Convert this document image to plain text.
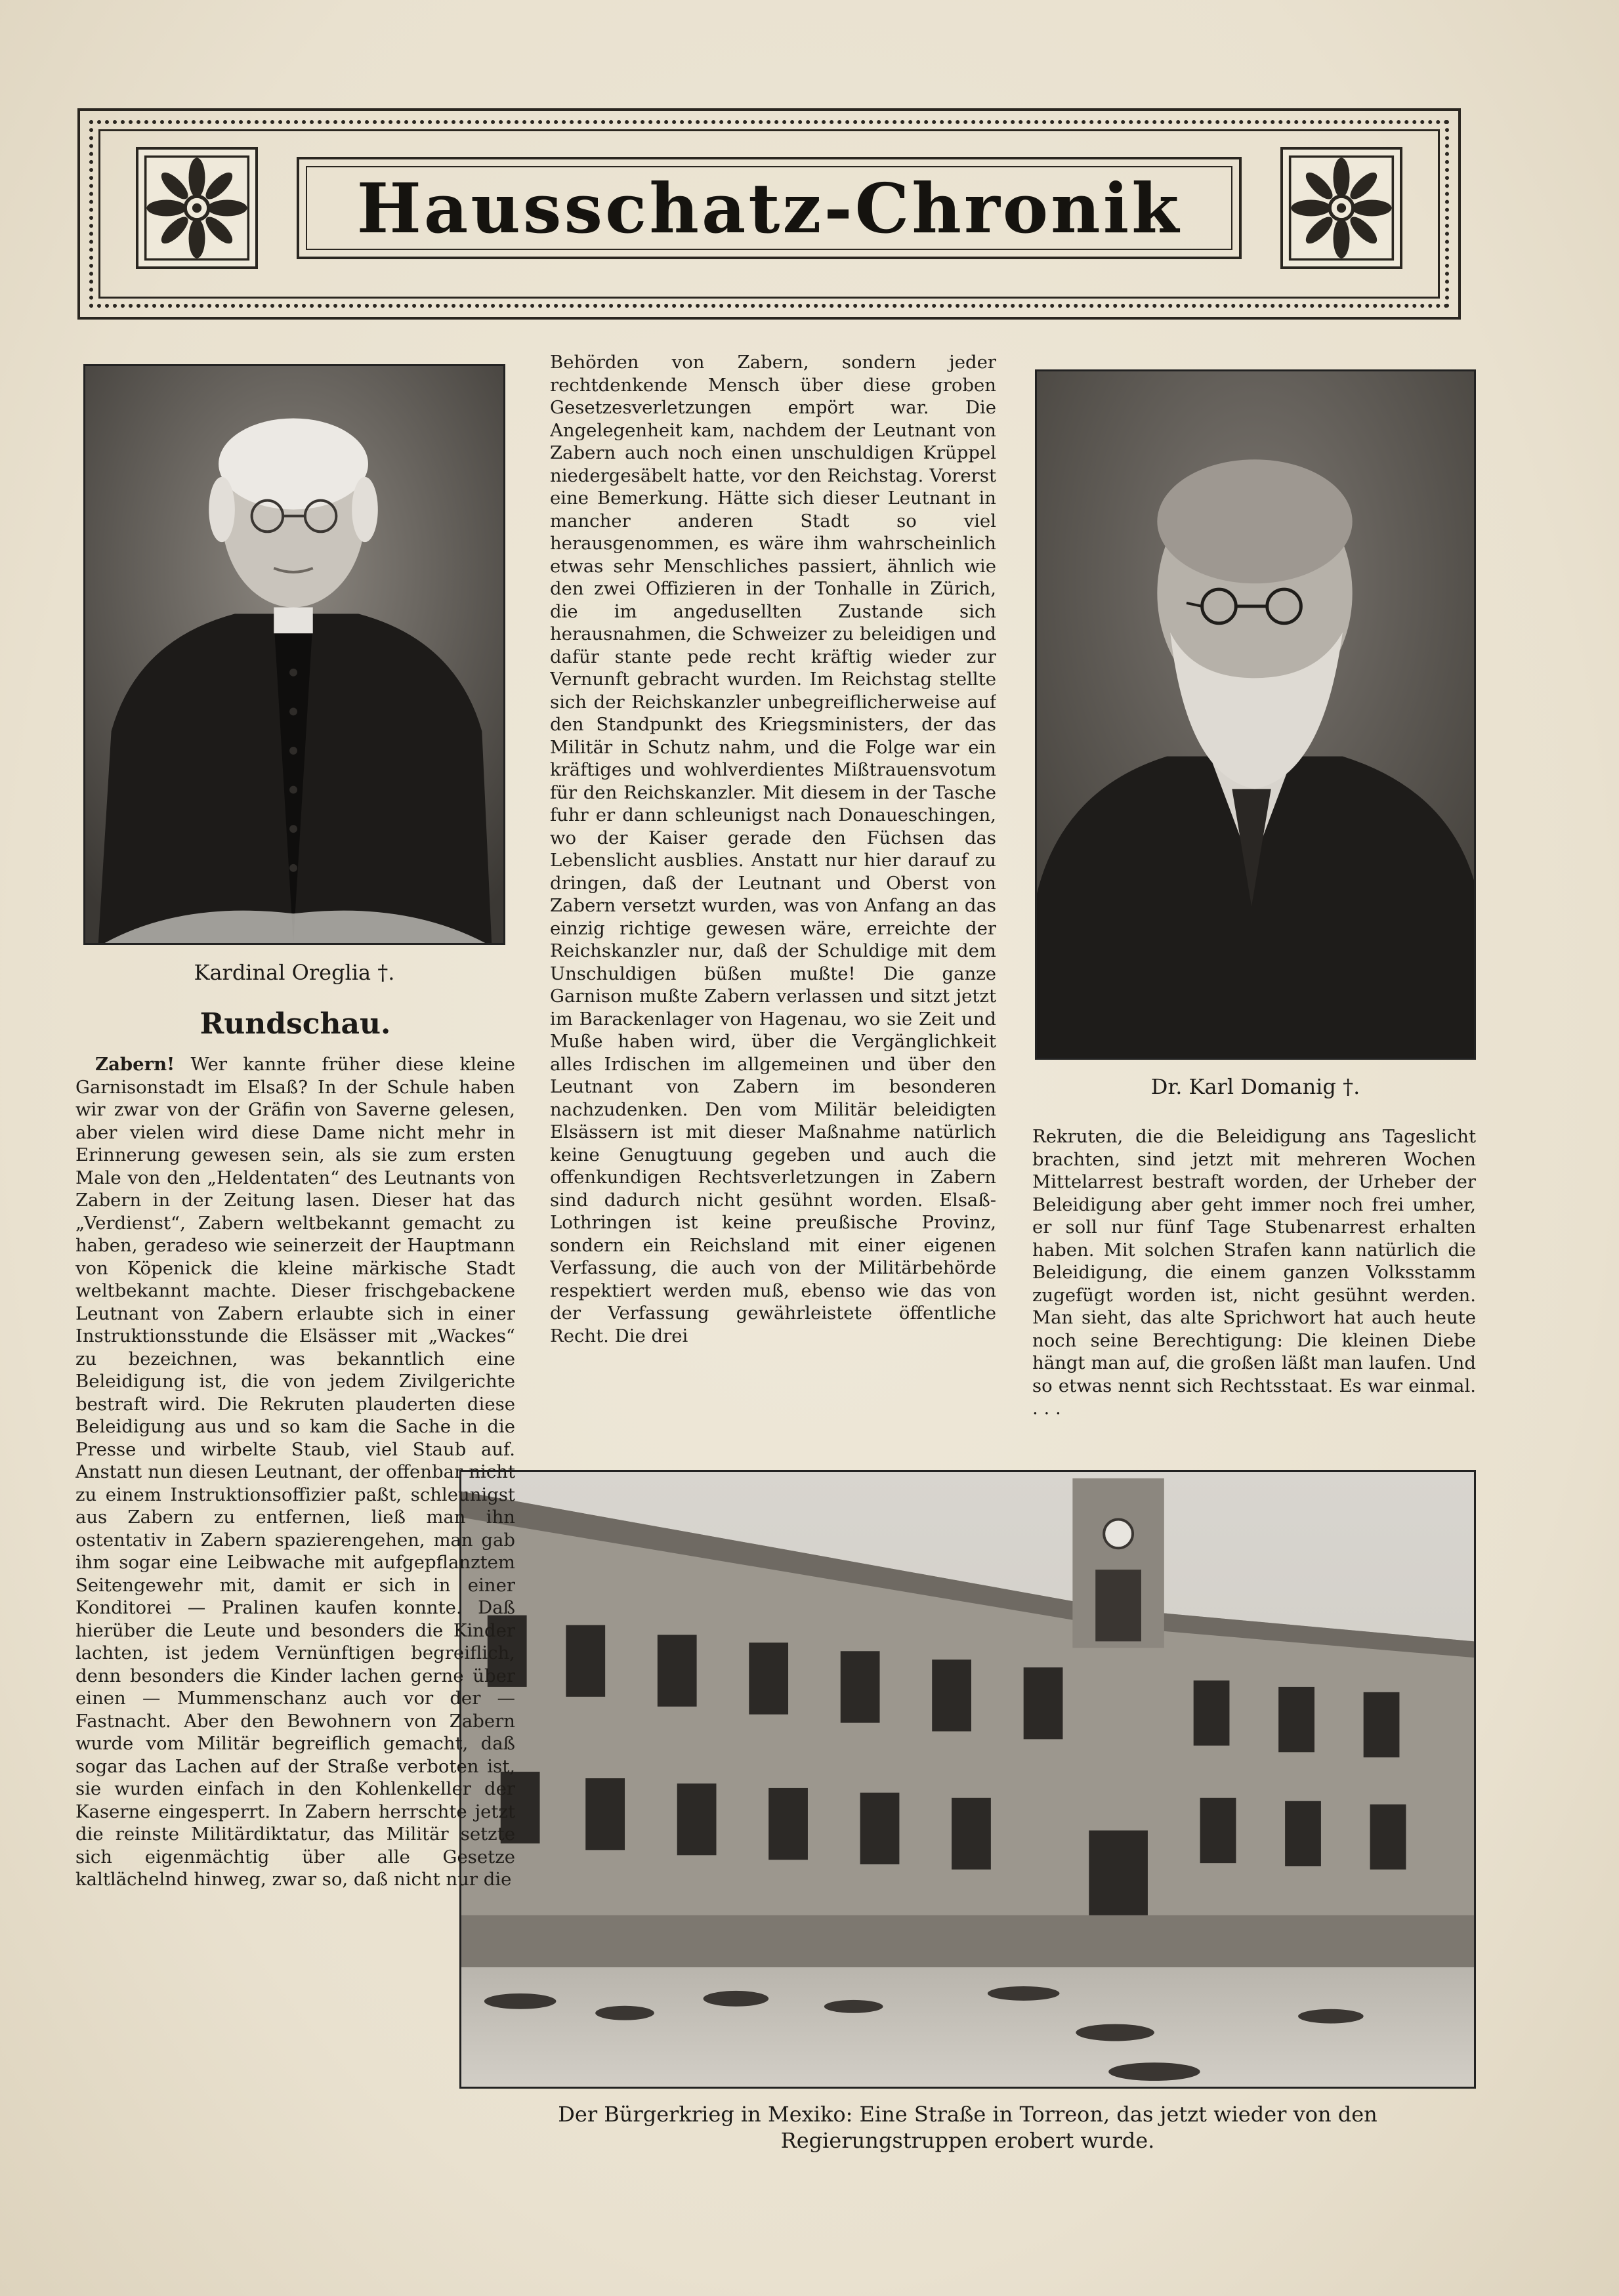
Hausschatz-Chronik
Kardinal Oreglia †.
Dr. Karl Domanig †.
Der Bürgerkrieg in Mexiko: Eine Straße in Torreon, das jetzt wieder von den Regierungstruppen erobert wurde.
Rundschau.

Zabern! Wer kannte früher diese kleine Garnisonstadt im Elsaß? In der Schule haben wir zwar von der Gräfin von Saverne gelesen, aber vielen wird diese Dame nicht mehr in Erinnerung gewesen sein, als sie zum ersten Male von den „Heldentaten“ des Leutnants von Zabern in der Zeitung lasen. Dieser hat das „Verdienst“, Zabern weltbekannt gemacht zu haben, geradeso wie seinerzeit der Hauptmann von Köpenick die kleine märkische Stadt weltbekannt machte. Dieser frischgebackene Leutnant von Zabern erlaubte sich in einer Instruktionsstunde die Elsässer mit „Wackes“ zu bezeichnen, was bekanntlich eine Beleidigung ist, die von jedem Zivilgerichte bestraft wird. Die Rekruten plauderten diese Beleidigung aus und so kam die Sache in die Presse und wirbelte Staub, viel Staub auf. Anstatt nun diesen Leutnant, der offenbar nicht zu einem Instruktionsoffizier paßt, schleunigst aus Zabern zu entfernen, ließ man ihn ostentativ in Zabern spazierengehen, man gab ihm sogar eine Leibwache mit aufgepflanztem Seitengewehr mit, damit er sich in einer Konditorei — Pralinen kaufen konnte. Daß hierüber die Leute und besonders die Kinder lachten, ist jedem Vernünftigen begreiflich, denn besonders die Kinder lachen gerne über einen — Mummenschanz auch vor der — Fastnacht. Aber den Bewohnern von Zabern wurde vom Militär begreiflich gemacht, daß sogar das Lachen auf der Straße verboten ist, sie wurden einfach in den Kohlenkeller der Kaserne eingesperrt. In Zabern herrschte jetzt die reinste Militärdiktatur, das Militär setzte sich eigenmächtig über alle Gesetze kaltlächelnd hinweg, zwar so, daß nicht nur die

Behörden von Zabern, sondern jeder rechtdenkende Mensch über diese groben Gesetzesverletzungen empört war. Die Angelegenheit kam, nachdem der Leutnant von Zabern auch noch einen unschuldigen Krüppel niedergesäbelt hatte, vor den Reichstag. Vorerst eine Bemerkung. Hätte sich dieser Leutnant in mancher anderen Stadt so viel herausgenommen, es wäre ihm wahrscheinlich etwas sehr Menschliches passiert, ähnlich wie den zwei Offizieren in der Tonhalle in Zürich, die im angedusellten Zustande sich herausnahmen, die Schweizer zu beleidigen und dafür stante pede recht kräftig wieder zur Vernunft gebracht wurden. Im Reichstag stellte sich der Reichskanzler unbegreiflicherweise auf den Standpunkt des Kriegsministers, der das Militär in Schutz nahm, und die Folge war ein kräftiges und wohlverdientes Mißtrauensvotum für den Reichskanzler. Mit diesem in der Tasche fuhr er dann schleunigst nach Donaueschingen, wo der Kaiser gerade den Füchsen das Lebenslicht ausblies. Anstatt nur hier darauf zu dringen, daß der Leutnant und Oberst von Zabern versetzt wurden, was von Anfang an das einzig richtige gewesen wäre, erreichte der Reichskanzler nur, daß der Schuldige mit dem Unschuldigen büßen mußte! Die ganze Garnison mußte Zabern verlassen und sitzt jetzt im Barackenlager von Hagenau, wo sie Zeit und Muße haben wird, über die Vergänglichkeit alles Irdischen im allgemeinen und über den Leutnant von Zabern im besonderen nachzudenken. Den vom Militär beleidigten Elsässern ist mit dieser Maßnahme natürlich keine Genugtuung gegeben und auch die offenkundigen Rechtsverletzungen in Zabern sind dadurch nicht gesühnt worden. Elsaß-Lothringen ist keine preußische Provinz, sondern ein Reichsland mit einer eigenen Verfassung, die auch von der Militärbehörde respektiert werden muß, ebenso wie das von der Verfassung gewährleistete öffentliche Recht. Die drei

Rekruten, die die Beleidigung ans Tageslicht brachten, sind jetzt mit mehreren Wochen Mittelarrest bestraft worden, der Urheber der Beleidigung aber geht immer noch frei umher, er soll nur fünf Tage Stubenarrest erhalten haben. Mit solchen Strafen kann natürlich die Beleidigung, die einem ganzen Volksstamm zugefügt worden ist, nicht gesühnt werden. Man sieht, das alte Sprichwort hat auch heute noch seine Berechtigung: Die kleinen Diebe hängt man auf, die großen läßt man laufen. Und so etwas nennt sich Rechtsstaat. Es war einmal. . . .
